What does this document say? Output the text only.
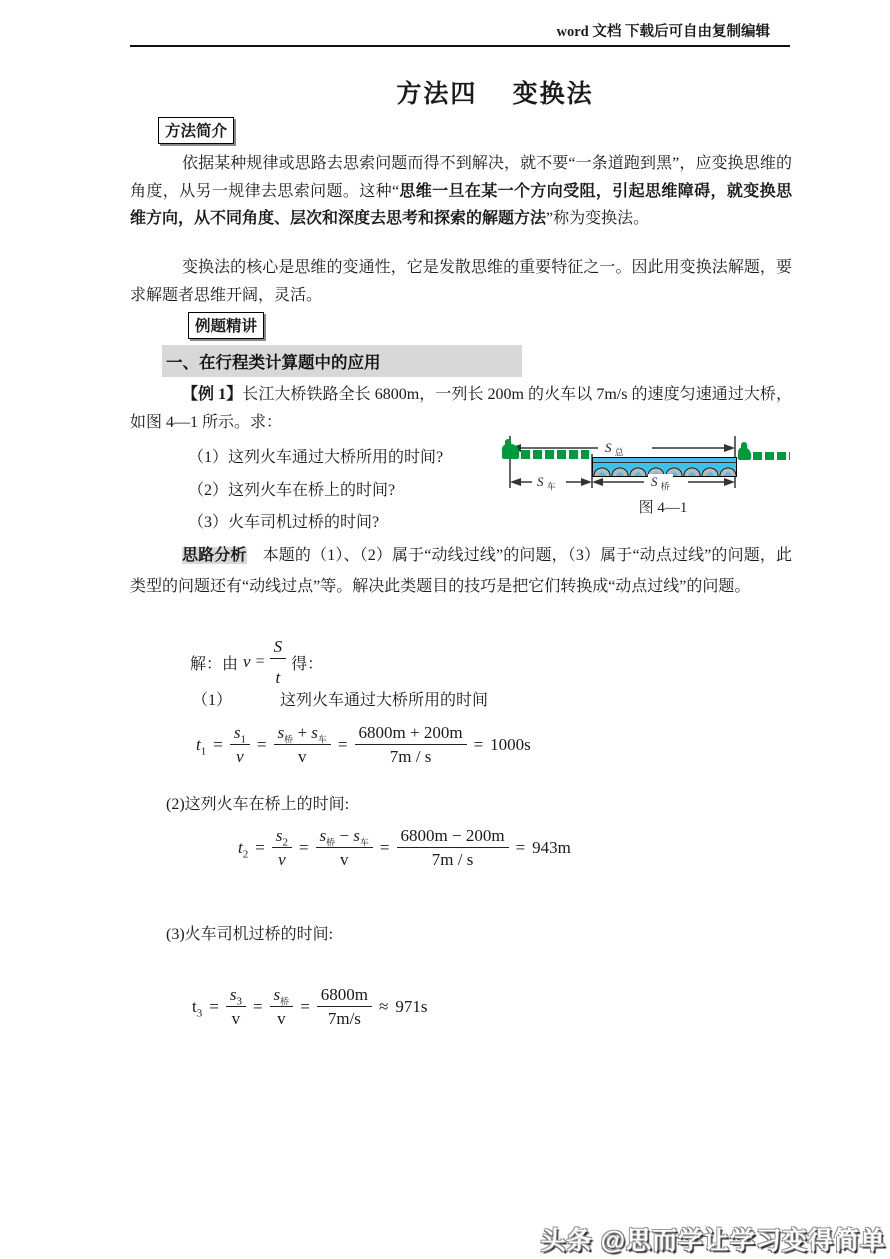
word 文档 下载后可自由复制编辑
方法四　 变换法
方法简介
依据某种规律或思路去思索问题而得不到解决，就不要“一条道跑到黑”，应变换思维的角度，从另一规律去思索问题。这种“思维一旦在某一个方向受阻，引起思维障碍，就变换思维方向，从不同角度、层次和深度去思考和探索的解题方法”称为变换法。
变换法的核心是思维的变通性，它是发散思维的重要特征之一。因此用变换法解题，要求解题者思维开阔，灵活。
例题精讲
一、在行程类计算题中的应用
【例 1】长江大桥铁路全长 6800m，一列长 200m 的火车以 7m/s 的速度匀速通过大桥，如图 4—1 所示。求：
（1）这列火车通过大桥所用的时间?
（2）这列火车在桥上的时间?
（3）火车司机过桥的时间?
S $_总$
S $_车$	S $_桥$
图 4—1
思路分析　 本题的（1）、（2）属于“动线过线”的问题，（3）属于“动点过线”的问题，此类型的问题还有“动线过点”等。解决此类题目的技巧是把它们转换成“动点过线”的问题。
解：由 $v = \frac{S}{t}$ 得：
（1）	这列火车通过大桥所用的时间
$t_1 = \frac{s_1}{v} = \frac{s_桥 + s_车}{v} = \frac{6800m + 200m}{7m / s} = 1000s$
(2)这列火车在桥上的时间:
$t_2 = \frac{s_2}{v} = \frac{s_桥 - s_车}{v} = \frac{6800m - 200m}{7m / s} = 943m$
(3)火车司机过桥的时间:
$t_3 = \frac{s_3}{v} = \frac{s_桥}{v} = \frac{6800m}{7m/s} \approx 971s$
头条 @思而学让学习变得简单
